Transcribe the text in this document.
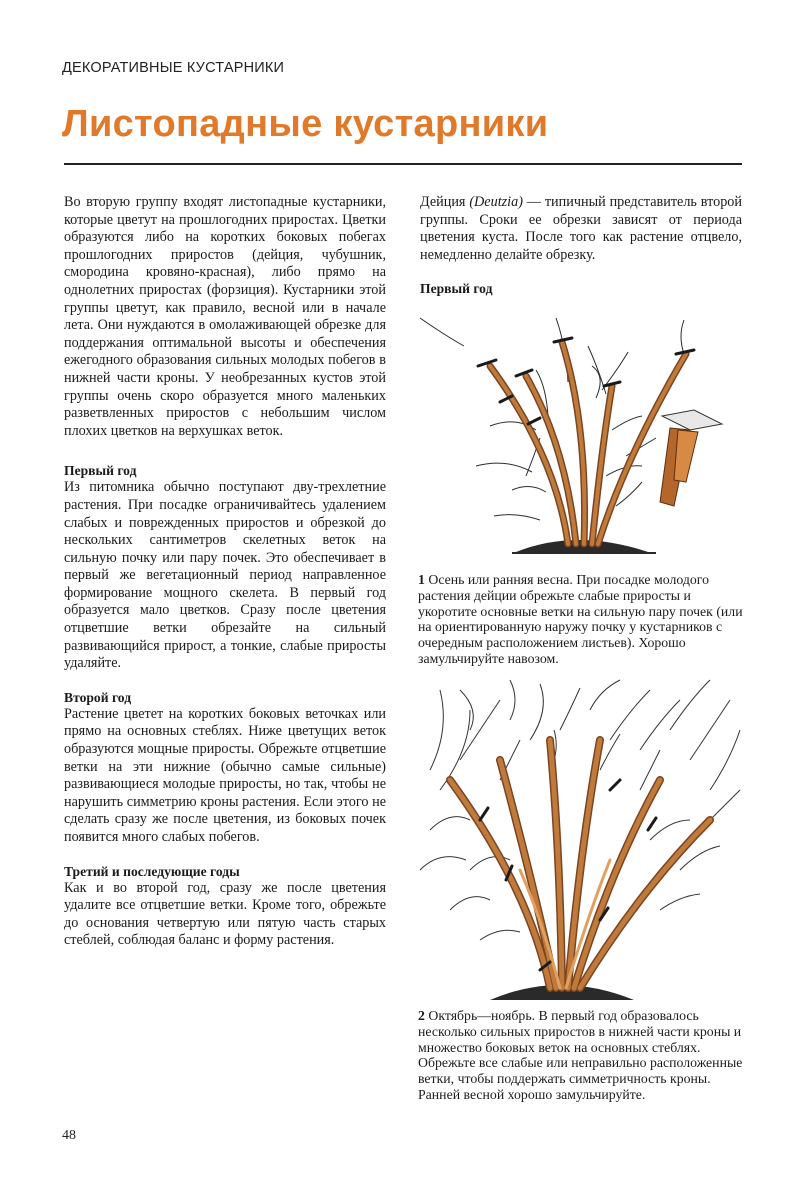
ДЕКОРАТИВНЫЕ КУСТАРНИКИ
Листопадные кустарники

Во вторую группу входят листопадные кустарники, которые цветут на прошлогодних приростах. Цветки образуются либо на коротких боковых побегах прошлогодних приростов (дейция, чубушник, смородина кровяно-красная), либо прямо на однолетних приростах (форзиция). Кустарники этой группы цветут, как правило, весной или в начале лета. Они нуждаются в омолаживающей обрезке для поддержания оптимальной высоты и обеспечения ежегодного образования сильных молодых побегов в нижней части кроны. У необрезанных кустов этой группы очень скоро образуется много маленьких разветвленных приростов с небольшим числом плохих цветков на верхушках веток.

Первый год

Из питомника обычно поступают дву-трехлетние растения. При посадке ограничивайтесь удалением слабых и поврежденных приростов и обрезкой до нескольких сантиметров скелетных веток на сильную почку или пару почек. Это обеспечивает в первый же вегетационный период направленное формирование мощного скелета. В первый год образуется мало цветков. Сразу после цветения отцветшие ветки обрезайте на сильный развивающийся прирост, а тонкие, слабые приросты удаляйте.

Второй год

Растение цветет на коротких боковых веточках или прямо на основных стеблях. Ниже цветущих веток образуются мощные приросты. Обрежьте отцветшие ветки на эти нижние (обычно самые сильные) развивающиеся молодые приросты, но так, чтобы не нарушить симметрию кроны растения. Если этого не сделать сразу же после цветения, из боковых почек появится много слабых побегов.

Третий и последующие годы

Как и во второй год, сразу же после цветения удалите все отцветшие ветки. Кроме того, обрежьте до основания четвертую или пятую часть старых стеблей, соблюдая баланс и форму растения.

Дейция (Deutzia) — типичный представитель второй группы. Сроки ее обрезки зависят от периода цветения куста. После того как растение отцвело, немедленно делайте обрезку.

Первый год

1 Осень или ранняя весна. При посадке молодого растения дейции обрежьте слабые приросты и укоротите основные ветки на сильную пару почек (или на ориентированную наружу почку у кустарников с очередным расположением листьев). Хорошо замульчируйте навозом.
2 Октябрь—ноябрь. В первый год образовалось несколько сильных приростов в нижней части кроны и множество боковых веток на основных стеблях. Обрежьте все слабые или неправильно расположенные ветки, чтобы поддержать симметричность кроны. Ранней весной хорошо замульчируйте.
48
